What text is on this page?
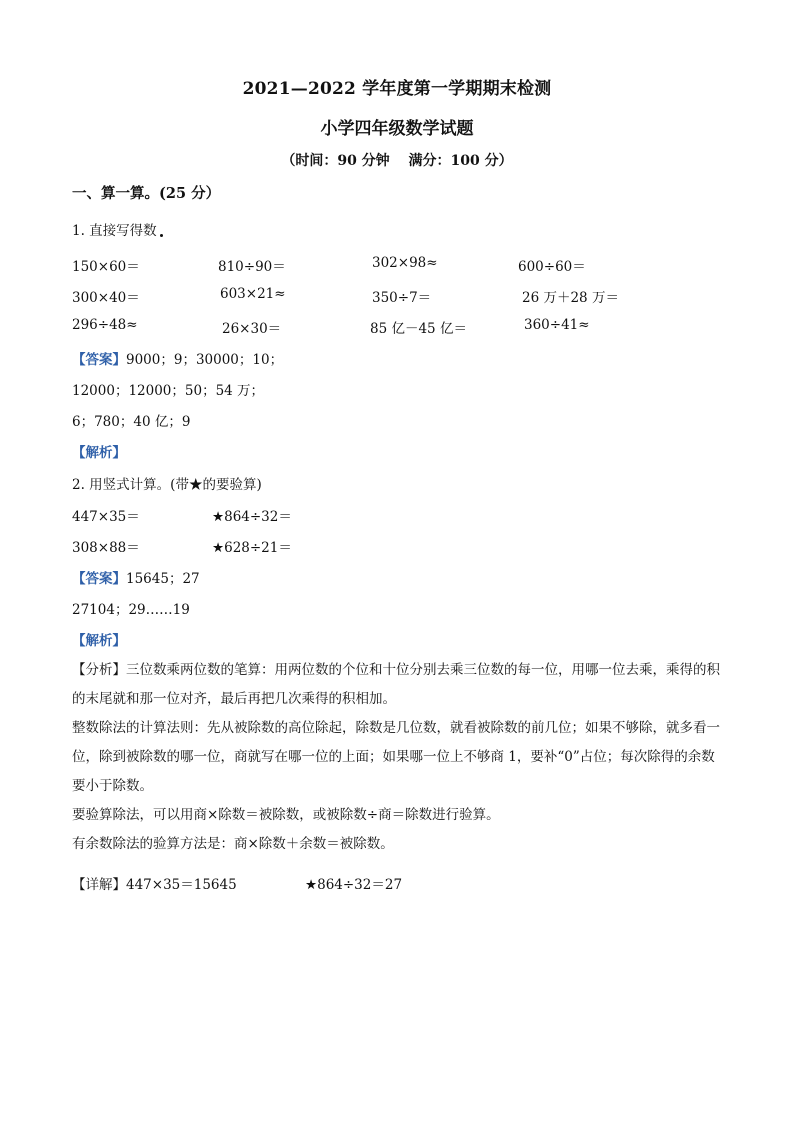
2021—2022 学年度第一学期期末检测
小学四年级数学试题
（时间：90 分钟　 满分：100 分）
一、算一算。(25 分）
1. 直接写得数
150×60＝	810÷90＝	302×98≈	600÷60＝
300×40＝	603×21≈	350÷7＝	26 万＋28 万＝
296÷48≈	26×30＝	85 亿－45 亿＝	360÷41≈
【答案】9000；9；30000；10；
12000；12000；50；54 万；
6；780；40 亿；9
【解析】
2. 用竖式计算。(带★的要验算)
447×35＝	★864÷32＝
308×88＝	★628÷21＝
【答案】15645；27
27104；29……19
【解析】
【分析】三位数乘两位数的笔算：用两位数的个位和十位分别去乘三位数的每一位，用哪一位去乘，乘得的积的末尾就和那一位对齐，最后再把几次乘得的积相加。
整数除法的计算法则：先从被除数的高位除起，除数是几位数，就看被除数的前几位；如果不够除，就多看一位，除到被除数的哪一位，商就写在哪一位的上面；如果哪一位上不够商 1，要补“0”占位；每次除得的余数要小于除数。
要验算除法，可以用商×除数＝被除数，或被除数÷商＝除数进行验算。
有余数除法的验算方法是：商×除数＋余数＝被除数。
【详解】447×35＝15645	★864÷32＝27
